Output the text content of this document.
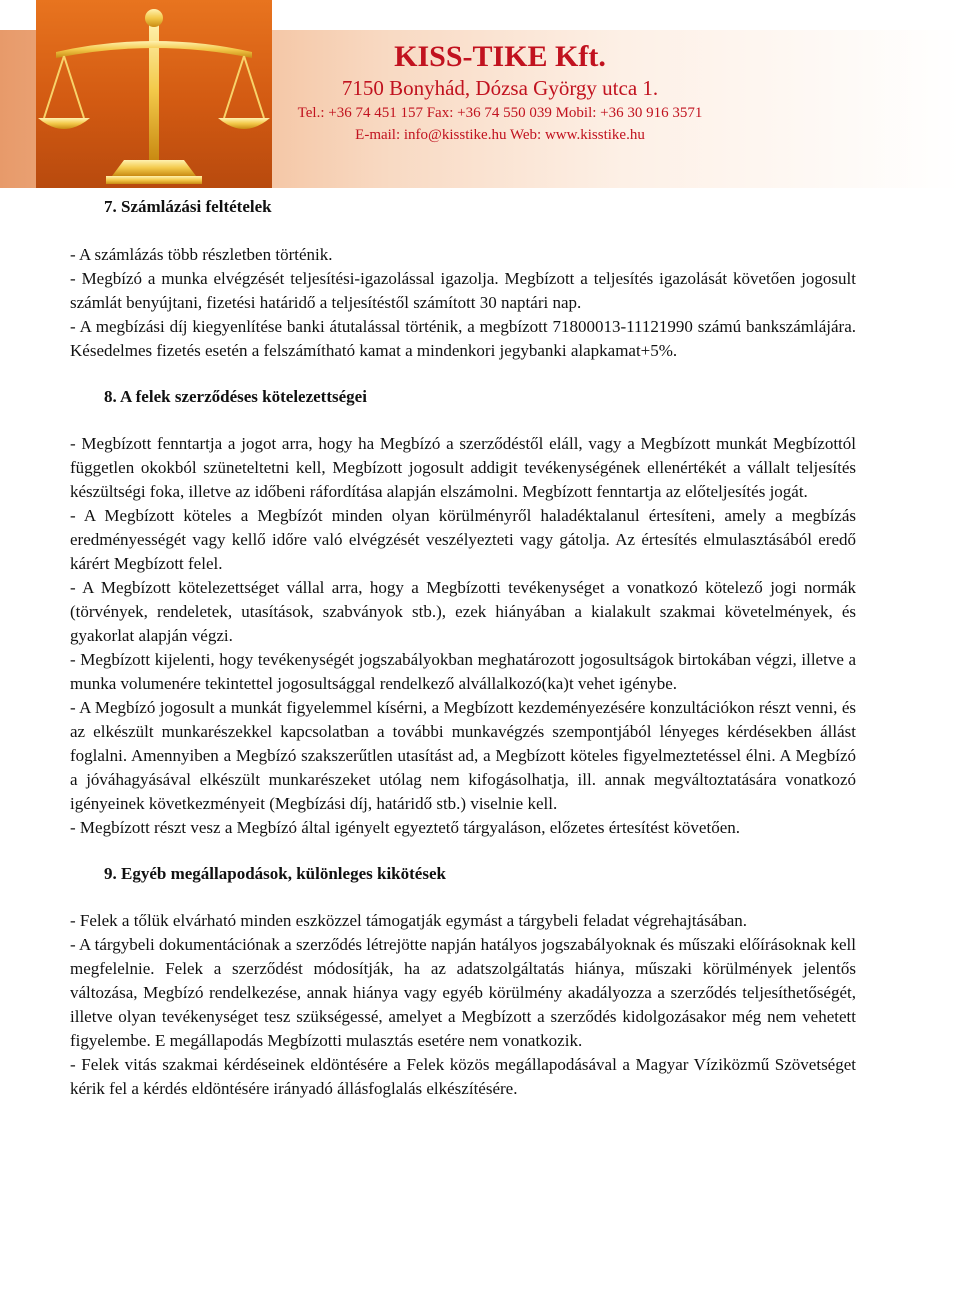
KISS-TIKE Kft.
7150 Bonyhád, Dózsa György utca 1.
Tel.: +36 74 451 157 Fax: +36 74 550 039 Mobil: +36 30 916 3571
E-mail: info@kisstike.hu Web: www.kisstike.hu
7. Számlázási feltételek

- A számlázás több részletben történik.

- Megbízó a munka elvégzését teljesítési-igazolással igazolja. Megbízott a teljesítés igazolását követően jogosult számlát benyújtani, fizetési határidő a teljesítéstől számított 30 naptári nap.

- A megbízási díj kiegyenlítése banki átutalással történik, a megbízott 71800013-11121990 számú bankszámlájára. Késedelmes fizetés esetén a felszámítható kamat a mindenkori jegybanki alapkamat+5%.

8. A felek szerződéses kötelezettségei

- Megbízott fenntartja a jogot arra, hogy ha Megbízó a szerződéstől eláll, vagy a Megbízott munkát Megbízottól független okokból szüneteltetni kell, Megbízott jogosult addigit tevékenységének ellenértékét a vállalt teljesítés készültségi foka, illetve az időbeni ráfordítása alapján elszámolni. Megbízott fenntartja az előteljesítés jogát.

- A Megbízott köteles a Megbízót minden olyan körülményről haladéktalanul értesíteni, amely a megbízás eredményességét vagy kellő időre való elvégzését veszélyezteti vagy gátolja. Az értesítés elmulasztásából eredő kárért Megbízott felel.

- A Megbízott kötelezettséget vállal arra, hogy a Megbízotti tevékenységet a vonatkozó kötelező jogi normák (törvények, rendeletek, utasítások, szabványok stb.), ezek hiányában a kialakult szakmai követelmények, és gyakorlat alapján végzi.

- Megbízott kijelenti, hogy tevékenységét jogszabályokban meghatározott jogosultságok birtokában végzi, illetve a munka volumenére tekintettel jogosultsággal rendelkező alvállalkozó(ka)t vehet igénybe.

- A Megbízó jogosult a munkát figyelemmel kísérni, a Megbízott kezdeményezésére konzultációkon részt venni, és az elkészült munkarészekkel kapcsolatban a további munkavégzés szempontjából lényeges kérdésekben állást foglalni. Amennyiben a Megbízó szakszerűtlen utasítást ad, a Megbízott köteles figyelmeztetéssel élni. A Megbízó a jóváhagyásával elkészült munkarészeket utólag nem kifogásolhatja, ill. annak megváltoztatására vonatkozó igényeinek következményeit (Megbízási díj, határidő stb.) viselnie kell.

- Megbízott részt vesz a Megbízó által igényelt egyeztető tárgyaláson, előzetes értesítést követően.

9. Egyéb megállapodások, különleges kikötések

- Felek a tőlük elvárható minden eszközzel támogatják egymást a tárgybeli feladat végrehajtásában.

- A tárgybeli dokumentációnak a szerződés létrejötte napján hatályos jogszabályoknak és műszaki előírásoknak kell megfelelnie. Felek a szerződést módosítják, ha az adatszolgáltatás hiánya, műszaki körülmények jelentős változása, Megbízó rendelkezése, annak hiánya vagy egyéb körülmény akadályozza a szerződés teljesíthetőségét, illetve olyan tevékenységet tesz szükségessé, amelyet a Megbízott a szerződés kidolgozásakor még nem vehetett figyelembe. E megállapodás Megbízotti mulasztás esetére nem vonatkozik.

- Felek vitás szakmai kérdéseinek eldöntésére a Felek közös megállapodásával a Magyar Víziközmű Szövetséget kérik fel a kérdés eldöntésére irányadó állásfoglalás elkészítésére.
